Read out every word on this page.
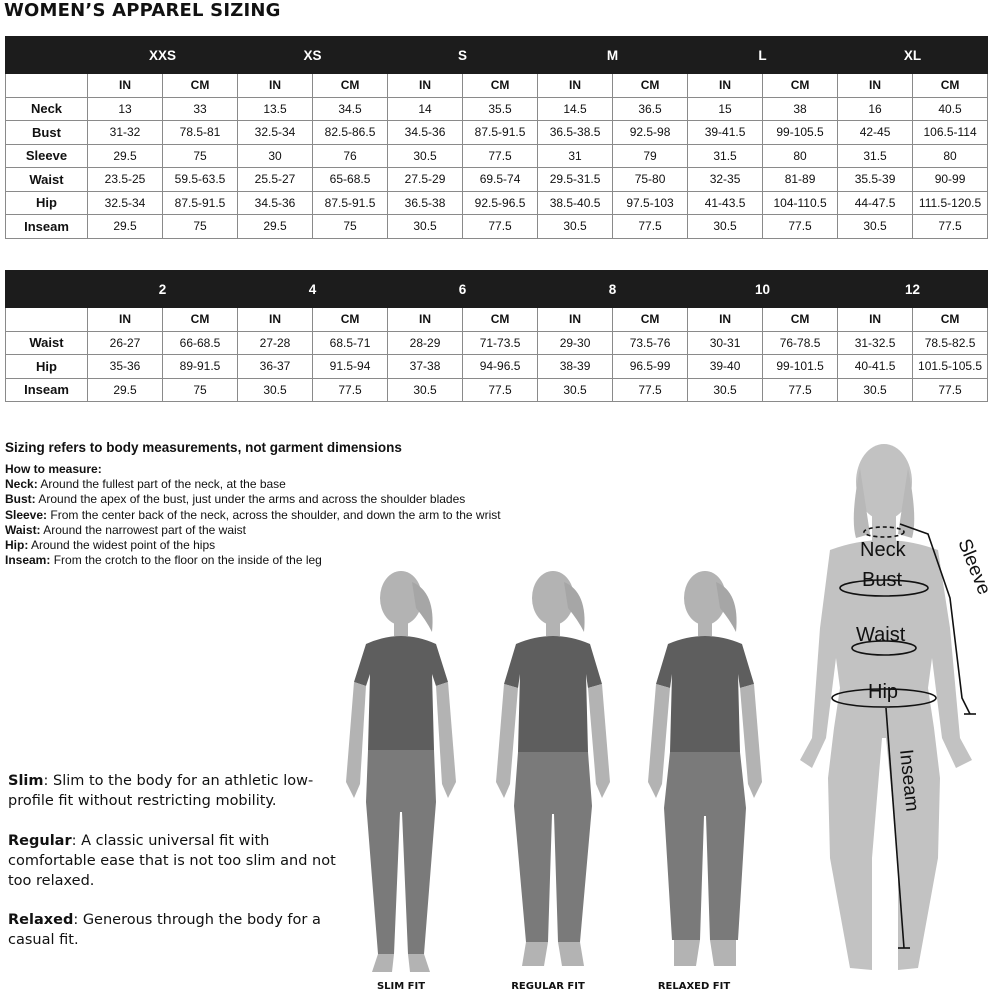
WOMEN’S APPAREL SIZING
	XXS		XS		S		M		L		XL	
	IN	CM	IN	CM	IN	CM	IN	CM	IN	CM	IN	CM
Neck	13	33	13.5	34.5	14	35.5	14.5	36.5	15	38	16	40.5
Bust	31-32	78.5-81	32.5-34	82.5-86.5	34.5-36	87.5-91.5	36.5-38.5	92.5-98	39-41.5	99-105.5	42-45	106.5-114
Sleeve	29.5	75	30	76	30.5	77.5	31	79	31.5	80	31.5	80
Waist	23.5-25	59.5-63.5	25.5-27	65-68.5	27.5-29	69.5-74	29.5-31.5	75-80	32-35	81-89	35.5-39	90-99
Hip	32.5-34	87.5-91.5	34.5-36	87.5-91.5	36.5-38	92.5-96.5	38.5-40.5	97.5-103	41-43.5	104-110.5	44-47.5	111.5-120.5
Inseam	29.5	75	29.5	75	30.5	77.5	30.5	77.5	30.5	77.5	30.5	77.5
	2		4		6		8		10		12	
	IN	CM	IN	CM	IN	CM	IN	CM	IN	CM	IN	CM
Waist	26-27	66-68.5	27-28	68.5-71	28-29	71-73.5	29-30	73.5-76	30-31	76-78.5	31-32.5	78.5-82.5
Hip	35-36	89-91.5	36-37	91.5-94	37-38	94-96.5	38-39	96.5-99	39-40	99-101.5	40-41.5	101.5-105.5
Inseam	29.5	75	30.5	77.5	30.5	77.5	30.5	77.5	30.5	77.5	30.5	77.5
Sizing refers to body measurements, not garment dimensions
How to measure:
Neck: Around the fullest part of the neck, at the base
Bust: Around the apex of the bust, just under the arms and across the shoulder blades
Sleeve: From the center back of the neck, across the shoulder, and down the arm to the wrist
Waist: Around the narrowest part of the waist
Hip: Around the widest point of the hips
Inseam: From the crotch to the floor on the inside of the leg

Slim: Slim to the body for an athletic low-profile fit without restricting mobility.

Regular: A classic universal fit with comfortable ease that is not too slim and not too relaxed.

Relaxed: Generous through the body for a casual fit.

SLIM FIT	REGULAR FIT	RELAXED FIT
Neck
Bust
Waist
Hip
Sleeve
Inseam
